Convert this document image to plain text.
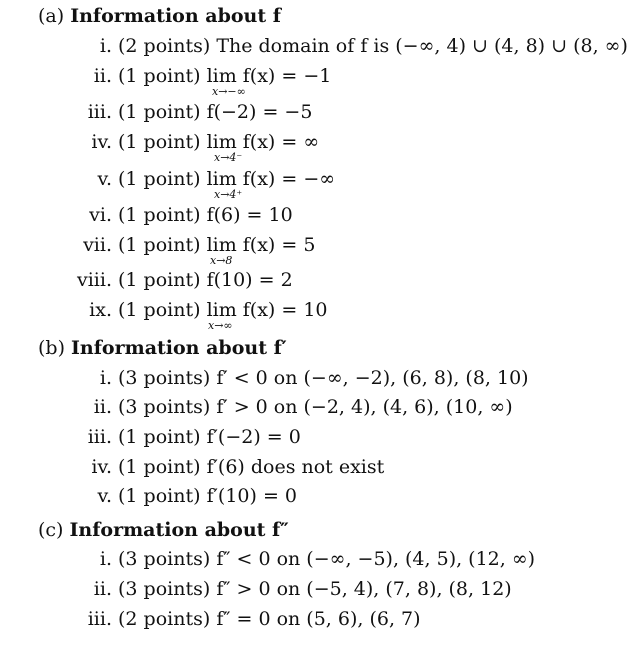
(a) Information about f
i. (2 points) The domain of f is (−∞, 4) ∪ (4, 8) ∪ (8, ∞)
ii. (1 point) lim f(x) = −1
x→−∞
iii. (1 point) f(−2) = −5
iv. (1 point) lim f(x) = ∞
x→4⁻
v. (1 point) lim f(x) = −∞
x→4⁺
vi. (1 point) f(6) = 10
vii. (1 point) lim f(x) = 5
x→8
viii. (1 point) f(10) = 2
ix. (1 point) lim f(x) = 10
x→∞
(b) Information about f′
i. (3 points) f′ < 0 on (−∞, −2), (6, 8), (8, 10)
ii. (3 points) f′ > 0 on (−2, 4), (4, 6), (10, ∞)
iii. (1 point) f′(−2) = 0
iv. (1 point) f′(6) does not exist
v. (1 point) f′(10) = 0
(c) Information about f″
i. (3 points) f″ < 0 on (−∞, −5), (4, 5), (12, ∞)
ii. (3 points) f″ > 0 on (−5, 4), (7, 8), (8, 12)
iii. (2 points) f″ = 0 on (5, 6), (6, 7)
